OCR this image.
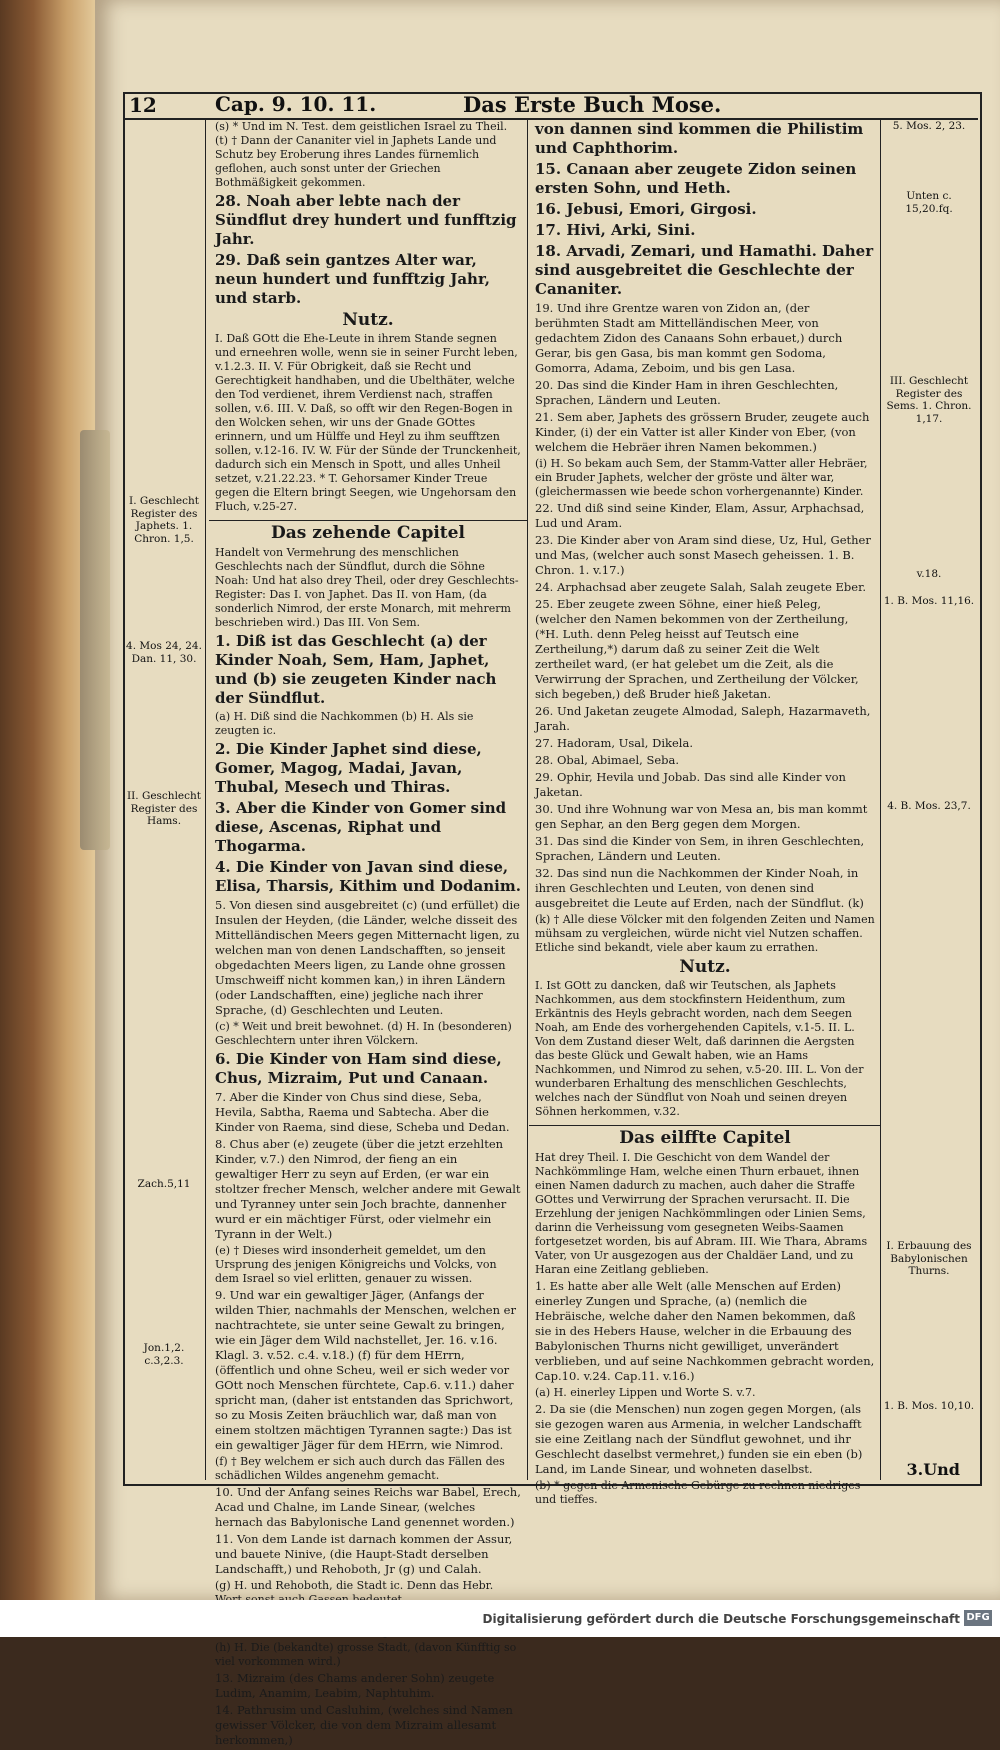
12	Cap. 9. 10. 11.	Das Erste Buch Mose.
I. Geschlecht Register des Japhets. 1. Chron. 1,5.
4. Mos 24, 24. Dan. 11, 30.
II. Geschlecht Register des Hams.
Zach.5,11
Jon.1,2. c.3,2.3.

(s) * Und im N. Test. dem geistlichen Israel zu Theil. (t) † Dann der Cananiter viel in Japhets Lande und Schutz bey Eroberung ihres Landes fürnemlich geflohen, auch sonst unter der Griechen Bothmäßigkeit gekommen.

28. Noah aber lebte nach der Sündflut drey hundert und funfftzig Jahr.

29. Daß sein gantzes Alter war, neun hundert und funfftzig Jahr, und starb.

Nutz.

I. Daß GOtt die Ehe-Leute in ihrem Stande segnen und erneehren wolle, wenn sie in seiner Furcht leben, v.1.2.3. II. V. Für Obrigkeit, daß sie Recht und Gerechtigkeit handhaben, und die Ubelthäter, welche den Tod verdienet, ihrem Verdienst nach, straffen sollen, v.6. III. V. Daß, so offt wir den Regen-Bogen in den Wolcken sehen, wir uns der Gnade GOttes erinnern, und um Hülffe und Heyl zu ihm seufftzen sollen, v.12-16. IV. W. Für der Sünde der Trunckenheit, dadurch sich ein Mensch in Spott, und alles Unheil setzet, v.21.22.23. * T. Gehorsamer Kinder Treue gegen die Eltern bringt Seegen, wie Ungehorsam den Fluch, v.25-27.

Das zehende Capitel

Handelt von Vermehrung des menschlichen Geschlechts nach der Sündflut, durch die Söhne Noah: Und hat also drey Theil, oder drey Geschlechts-Register: Das I. von Japhet. Das II. von Ham, (da sonderlich Nimrod, der erste Monarch, mit mehrerm beschrieben wird.) Das III. Von Sem.

1. Diß ist das Geschlecht (a) der Kinder Noah, Sem, Ham, Japhet, und (b) sie zeugeten Kinder nach der Sündflut.

(a) H. Diß sind die Nachkommen (b) H. Als sie zeugten ic.

2. Die Kinder Japhet sind diese, Gomer, Magog, Madai, Javan, Thubal, Mesech und Thiras.

3. Aber die Kinder von Gomer sind diese, Ascenas, Riphat und Thogarma.

4. Die Kinder von Javan sind diese, Elisa, Tharsis, Kithim und Dodanim.

5. Von diesen sind ausgebreitet (c) (und erfüllet) die Insulen der Heyden, (die Länder, welche disseit des Mittelländischen Meers gegen Mitternacht ligen, zu welchen man von denen Landschafften, so jenseit obgedachten Meers ligen, zu Lande ohne grossen Umschweiff nicht kommen kan,) in ihren Ländern (oder Landschafften, eine) jegliche nach ihrer Sprache, (d) Geschlechten und Leuten.

(c) * Weit und breit bewohnet. (d) H. In (besonderen) Geschlechtern unter ihren Völckern.

6. Die Kinder von Ham sind diese, Chus, Mizraim, Put und Canaan.

7. Aber die Kinder von Chus sind diese, Seba, Hevila, Sabtha, Raema und Sabtecha. Aber die Kinder von Raema, sind diese, Scheba und Dedan.

8. Chus aber (e) zeugete (über die jetzt erzehlten Kinder, v.7.) den Nimrod, der fieng an ein gewaltiger Herr zu seyn auf Erden, (er war ein stoltzer frecher Mensch, welcher andere mit Gewalt und Tyranney unter sein Joch brachte, dannenher wurd er ein mächtiger Fürst, oder vielmehr ein Tyrann in der Welt.)

(e) † Dieses wird insonderheit gemeldet, um den Ursprung des jenigen Königreichs und Volcks, von dem Israel so viel erlitten, genauer zu wissen.

9. Und war ein gewaltiger Jäger, (Anfangs der wilden Thier, nachmahls der Menschen, welchen er nachtrachtete, sie unter seine Gewalt zu bringen, wie ein Jäger dem Wild nachstellet, Jer. 16. v.16. Klagl. 3. v.52. c.4. v.18.) (f) für dem HErrn, (öffentlich und ohne Scheu, weil er sich weder vor GOtt noch Menschen fürchtete, Cap.6. v.11.) daher spricht man, (daher ist entstanden das Sprichwort, so zu Mosis Zeiten bräuchlich war, daß man von einem stoltzen mächtigen Tyrannen sagte:) Das ist ein gewaltiger Jäger für dem HErrn, wie Nimrod.

(f) † Bey welchem er sich auch durch das Fällen des schädlichen Wildes angenehm gemacht.

10. Und der Anfang seines Reichs war Babel, Erech, Acad und Chalne, im Lande Sinear, (welches hernach das Babylonische Land genennet worden.)

11. Von dem Lande ist darnach kommen der Assur, und bauete Ninive, (die Haupt-Stadt derselben Landschafft,) und Rehoboth, Jr (g) und Calah.

(g) H. und Rehoboth, die Stadt ic. Denn das Hebr.

(h) H. Die (bekandte) grosse Stadt, (davon Künfftig so viel vorkommen wird.)

13. Mizraim (des Chams anderer Sohn) zeugete Ludim, Anamim, Leabim, Naphtuhim.

14. Pathrusim und Casluhim, (welches sind Namen gewisser Völcker, die von dem Mizraim allesamt herkommen,)

von dannen sind kommen die Philistim und Caphthorim.

15. Canaan aber zeugete Zidon seinen ersten Sohn, und Heth.

16. Jebusi, Emori, Girgosi.

17. Hivi, Arki, Sini.

18. Arvadi, Zemari, und Hamathi. Daher sind ausgebreitet die Geschlechte der Cananiter.

19. Und ihre Grentze waren von Zidon an, (der berühmten Stadt am Mittelländischen Meer, von gedachtem Zidon des Canaans Sohn erbauet,) durch Gerar, bis gen Gasa, bis man kommt gen Sodoma, Gomorra, Adama, Zeboim, und bis gen Lasa.

20. Das sind die Kinder Ham in ihren Geschlechten, Sprachen, Ländern und Leuten.

21. Sem aber, Japhets des grössern Bruder, zeugete auch Kinder, (i) der ein Vatter ist aller Kinder von Eber, (von welchem die Hebräer ihren Namen bekommen.)

(i) H. So bekam auch Sem, der Stamm-Vatter aller Hebräer, ein Bruder Japhets, welcher der gröste und älter war, (gleichermassen wie beede schon vorhergenannte) Kinder.

22. Und diß sind seine Kinder, Elam, Assur, Arphachsad, Lud und Aram.

23. Die Kinder aber von Aram sind diese, Uz, Hul, Gether und Mas, (welcher auch sonst Masech geheissen. 1. B. Chron. 1. v.17.)

24. Arphachsad aber zeugete Salah, Salah zeugete Eber.

25. Eber zeugete zween Söhne, einer hieß Peleg, (welcher den Namen bekommen von der Zertheilung, (*H. Luth. denn Peleg heisst auf Teutsch eine Zertheilung,*) darum daß zu seiner Zeit die Welt zertheilet ward, (er hat gelebet um die Zeit, als die Verwirrung der Sprachen, und Zertheilung der Völcker, sich begeben,) deß Bruder hieß Jaketan.

26. Und Jaketan zeugete Almodad, Saleph, Hazarmaveth, Jarah.

27. Hadoram, Usal, Dikela.

28. Obal, Abimael, Seba.

29. Ophir, Hevila und Jobab. Das sind alle Kinder von Jaketan.

30. Und ihre Wohnung war von Mesa an, bis man kommt gen Sephar, an den Berg gegen dem Morgen.

31. Das sind die Kinder von Sem, in ihren Geschlechten, Sprachen, Ländern und Leuten.

32. Das sind nun die Nachkommen der Kinder Noah, in ihren Geschlechten und Leuten, von denen sind ausgebreitet die Leute auf Erden, nach der Sündflut. (k)

(k) † Alle diese Völcker mit den folgenden Zeiten und Namen mühsam zu vergleichen, würde nicht viel Nutzen schaffen. Etliche sind bekandt, viele aber kaum zu errathen.

Nutz.

I. Ist GOtt zu dancken, daß wir Teutschen, als Japhets Nachkommen, aus dem stockfinstern Heidenthum, zum Erkäntnis des Heyls gebracht worden, nach dem Seegen Noah, am Ende des vorhergehenden Capitels, v.1-5. II. L. Von dem Zustand dieser Welt, daß darinnen die Aergsten das beste Glück und Gewalt haben, wie an Hams Nachkommen, und Nimrod zu sehen, v.5-20. III. L. Von der wunderbaren Erhaltung des menschlichen Geschlechts, welches nach der Sündflut von Noah und seinen dreyen Söhnen herkommen, v.32.

Das eilffte Capitel

Hat drey Theil. I. Die Geschicht von dem Wandel der Nachkömmlinge Ham, welche einen Thurn erbauet, ihnen einen Namen dadurch zu machen, auch daher die Straffe GOttes und Verwirrung der Sprachen verursacht. II. Die Erzehlung der jenigen Nachkömmlingen oder Linien Sems, darinn die Verheissung vom gesegneten Weibs-Saamen fortgesetzet worden, bis auf Abram. III. Wie Thara, Abrams Vater, von Ur ausgezogen aus der Chaldäer Land, und zu Haran eine Zeitlang geblieben.

1. Es hatte aber alle Welt (alle Menschen auf Erden) einerley Zungen und Sprache, (a) (nemlich die Hebräische, welche daher den Namen bekommen, daß sie in des Hebers Hause, welcher in die Erbauung des Babylonischen Thurns nicht gewilliget, unverändert verblieben, und auf seine Nachkommen gebracht worden, Cap.10. v.24. Cap.11. v.16.)

(a) H. einerley Lippen und Worte S. v.7.

2. Da sie (die Menschen) nun zogen gegen Morgen, (als sie gezogen waren aus Armenia, in welcher Landschafft sie eine Zeitlang nach der Sündflut gewohnet, und ihr Geschlecht daselbst vermehret,) funden sie ein eben (b) Land, im Lande Sinear, und wohneten daselbst.

(b) * gegen die Armenische Gebürge zu rechnen niedriges und tieffes.

5. Mos. 2, 23.
Unten c. 15,20.fq.
III. Geschlecht Register des Sems. 1. Chron. 1,17.
v.18.
1. B. Mos. 11,16.
4. B. Mos. 23,7.
I. Erbauung des Babylonischen Thurns.
1. B. Mos. 10,10.
3.Und
Digitalisierung gefördert durch die Deutsche Forschungsgemeinschaft DFG
